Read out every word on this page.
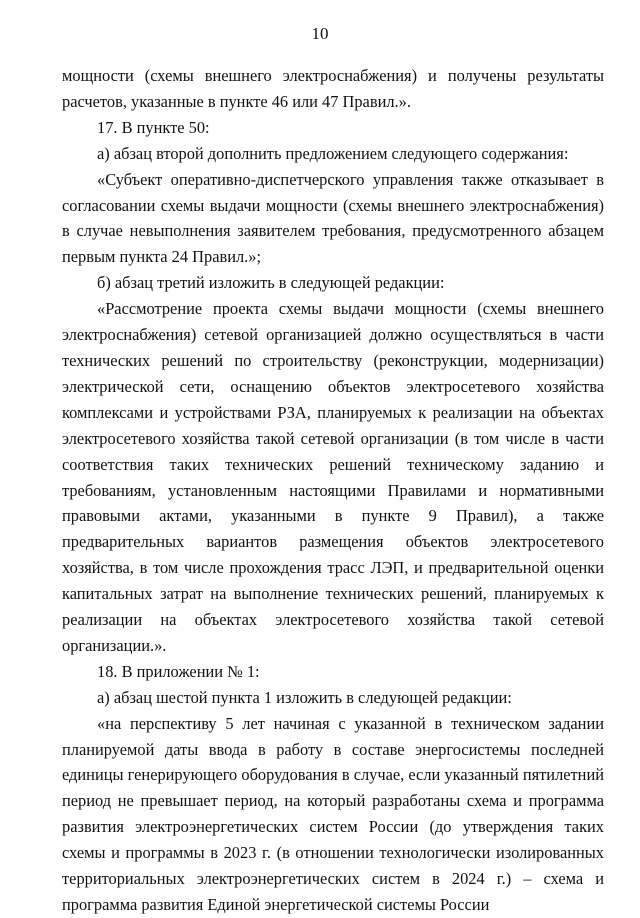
10

мощности (схемы внешнего электроснабжения) и получены результаты расчетов, указанные в пункте 46 или 47 Правил.».

17. В пункте 50:

а) абзац второй дополнить предложением следующего содержания:

«Субъект оперативно-диспетчерского управления также отказывает в согласовании схемы выдачи мощности (схемы внешнего электроснабжения) в случае невыполнения заявителем требования, предусмотренного абзацем первым пункта 24 Правил.»;

б) абзац третий изложить в следующей редакции:

«Рассмотрение проекта схемы выдачи мощности (схемы внешнего электроснабжения) сетевой организацией должно осуществляться в части технических решений по строительству (реконструкции, модернизации) электрической сети, оснащению объектов электросетевого хозяйства комплексами и устройствами РЗА, планируемых к реализации на объектах электросетевого хозяйства такой сетевой организации (в том числе в части соответствия таких технических решений техническому заданию и требованиям, установленным настоящими Правилами и нормативными правовыми актами, указанными в пункте 9 Правил), а также предварительных вариантов размещения объектов электросетевого хозяйства, в том числе прохождения трасс ЛЭП, и предварительной оценки капитальных затрат на выполнение технических решений, планируемых к реализации на объектах электросетевого хозяйства такой сетевой организации.».

18. В приложении № 1:

а) абзац шестой пункта 1 изложить в следующей редакции:

«на перспективу 5 лет начиная с указанной в техническом задании планируемой даты ввода в работу в составе энергосистемы последней единицы генерирующего оборудования в случае, если указанный пятилетний период не превышает период, на который разработаны схема и программа развития электроэнергетических систем России (до утверждения таких схемы и программы в 2023 г. (в отношении технологически изолированных территориальных электроэнергетических систем в 2024 г.) – схема и программа развития Единой энергетической системы России
